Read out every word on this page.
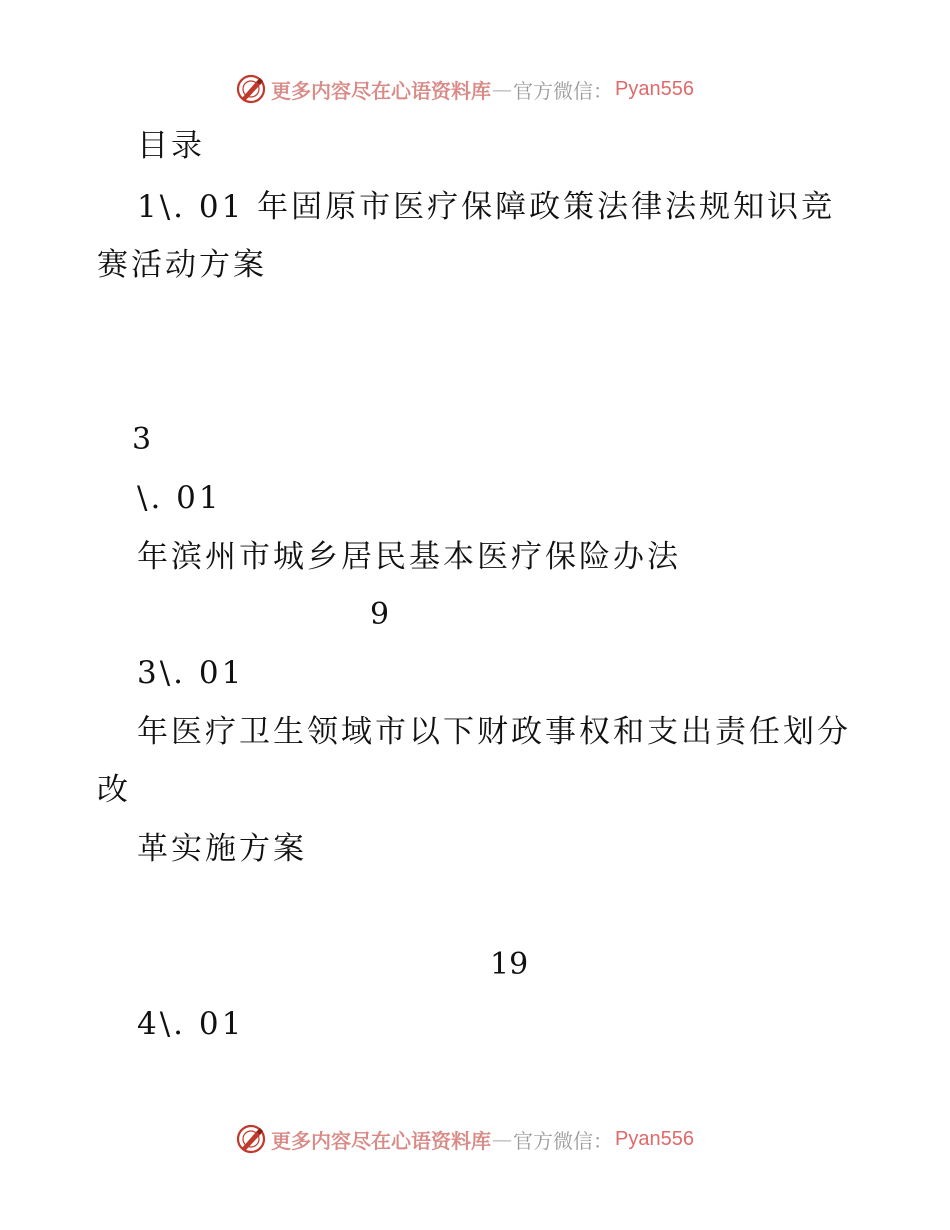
更多内容尽在心语资料库 — 官方微信： Pyan556
目录
1\. 01 年固原市医疗保障政策法律法规知识竞
赛活动方案
3
\. 01
年滨州市城乡居民基本医疗保险办法
9
3\. 01
年医疗卫生领域市以下财政事权和支出责任划分
改
革实施方案
19
4\. 01
更多内容尽在心语资料库 — 官方微信： Pyan556
